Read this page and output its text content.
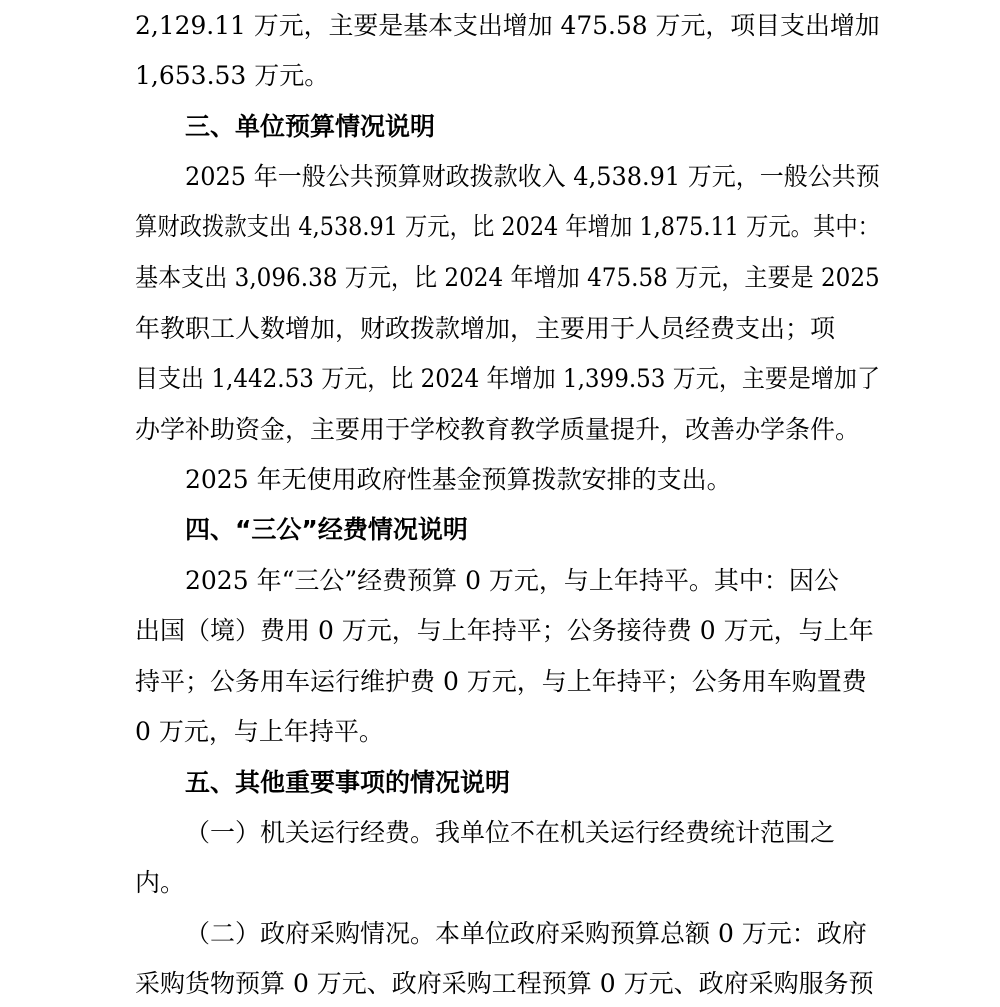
2,129.11 万元，主要是基本支出增加 475.58 万元，项目支出增加
1,653.53 万元。
三、单位预算情况说明
2025 年一般公共预算财政拨款收入 4,538.91 万元，一般公共预
算财政拨款支出 4,538.91 万元，比 2024 年增加 1,875.11 万元。其中：
基本支出 3,096.38 万元，比 2024 年增加 475.58 万元，主要是 2025
年教职工人数增加，财政拨款增加，主要用于人员经费支出；项
目支出 1,442.53 万元，比 2024 年增加 1,399.53 万元，主要是增加了
办学补助资金，主要用于学校教育教学质量提升，改善办学条件。
2025 年无使用政府性基金预算拨款安排的支出。
四、“三公”经费情况说明
2025 年“三公”经费预算 0 万元，与上年持平。其中：因公
出国（境）费用 0 万元，与上年持平；公务接待费 0 万元，与上年
持平；公务用车运行维护费 0 万元，与上年持平；公务用车购置费
0 万元，与上年持平。
五、其他重要事项的情况说明
（一）机关运行经费。我单位不在机关运行经费统计范围之
内。
（二）政府采购情况。本单位政府采购预算总额 0 万元：政府
采购货物预算 0 万元、政府采购工程预算 0 万元、政府采购服务预
